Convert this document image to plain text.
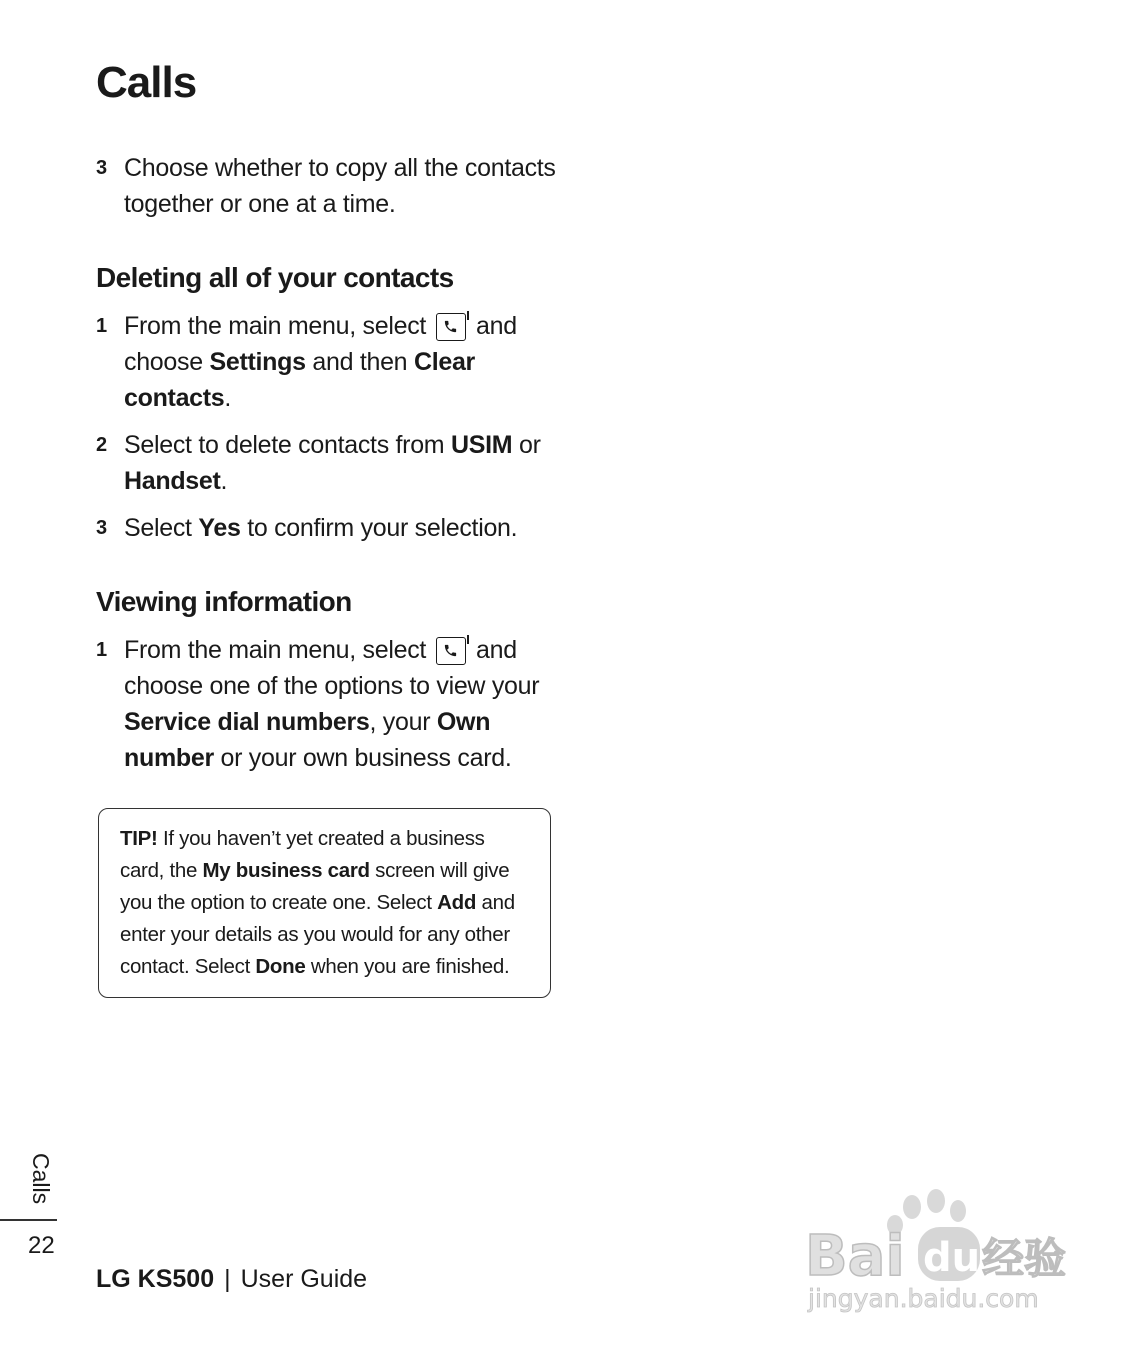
Calls
3 Choose whether to copy all the contacts together or one at a time.
Deleting all of your contacts
1 From the main menu, select and choose Settings and then Clear contacts.
2 Select to delete contacts from USIM or Handset.
3 Select Yes to confirm your selection.
Viewing information
1 From the main menu, select and choose one of the options to view your Service dial numbers, your Own number or your own business card.
TIP! If you haven’t yet created a business card, the My business card screen will give you the option to create one. Select Add and enter your details as you would for any other contact. Select Done when you are finished.
Calls
22
LG KS500 | User Guide	Bai du 经验
jingyan.baidu.com
